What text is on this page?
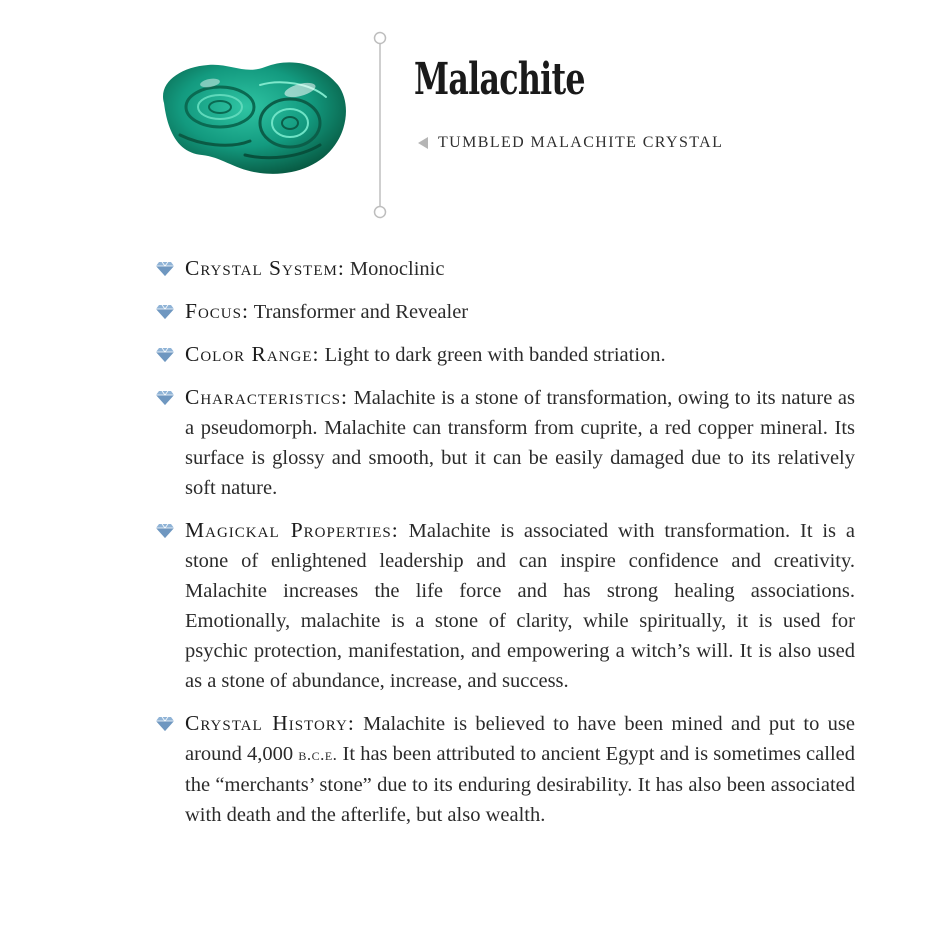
Malachite
TUMBLED MALACHITE CRYSTAL

Crystal System: Monoclinic

Focus: Transformer and Revealer

Color Range: Light to dark green with banded striation.

Characteristics: Malachite is a stone of transformation, owing to its nature as a pseudomorph. Malachite can transform from cuprite, a red copper mineral. Its surface is glossy and smooth, but it can be easily damaged due to its relatively soft nature.

Magickal Properties: Malachite is associated with transformation. It is a stone of enlightened leadership and can inspire confidence and creativity. Malachite increases the life force and has strong healing associations. Emotionally, malachite is a stone of clarity, while spiritually, it is used for psychic protection, manifestation, and empowering a witch’s will. It is also used as a stone of abundance, increase, and success.

Crystal History: Malachite is believed to have been mined and put to use around 4,000 b.c.e. It has been attributed to ancient Egypt and is sometimes called the “merchants’ stone” due to its enduring desirability. It has also been associated with death and the afterlife, but also wealth.
